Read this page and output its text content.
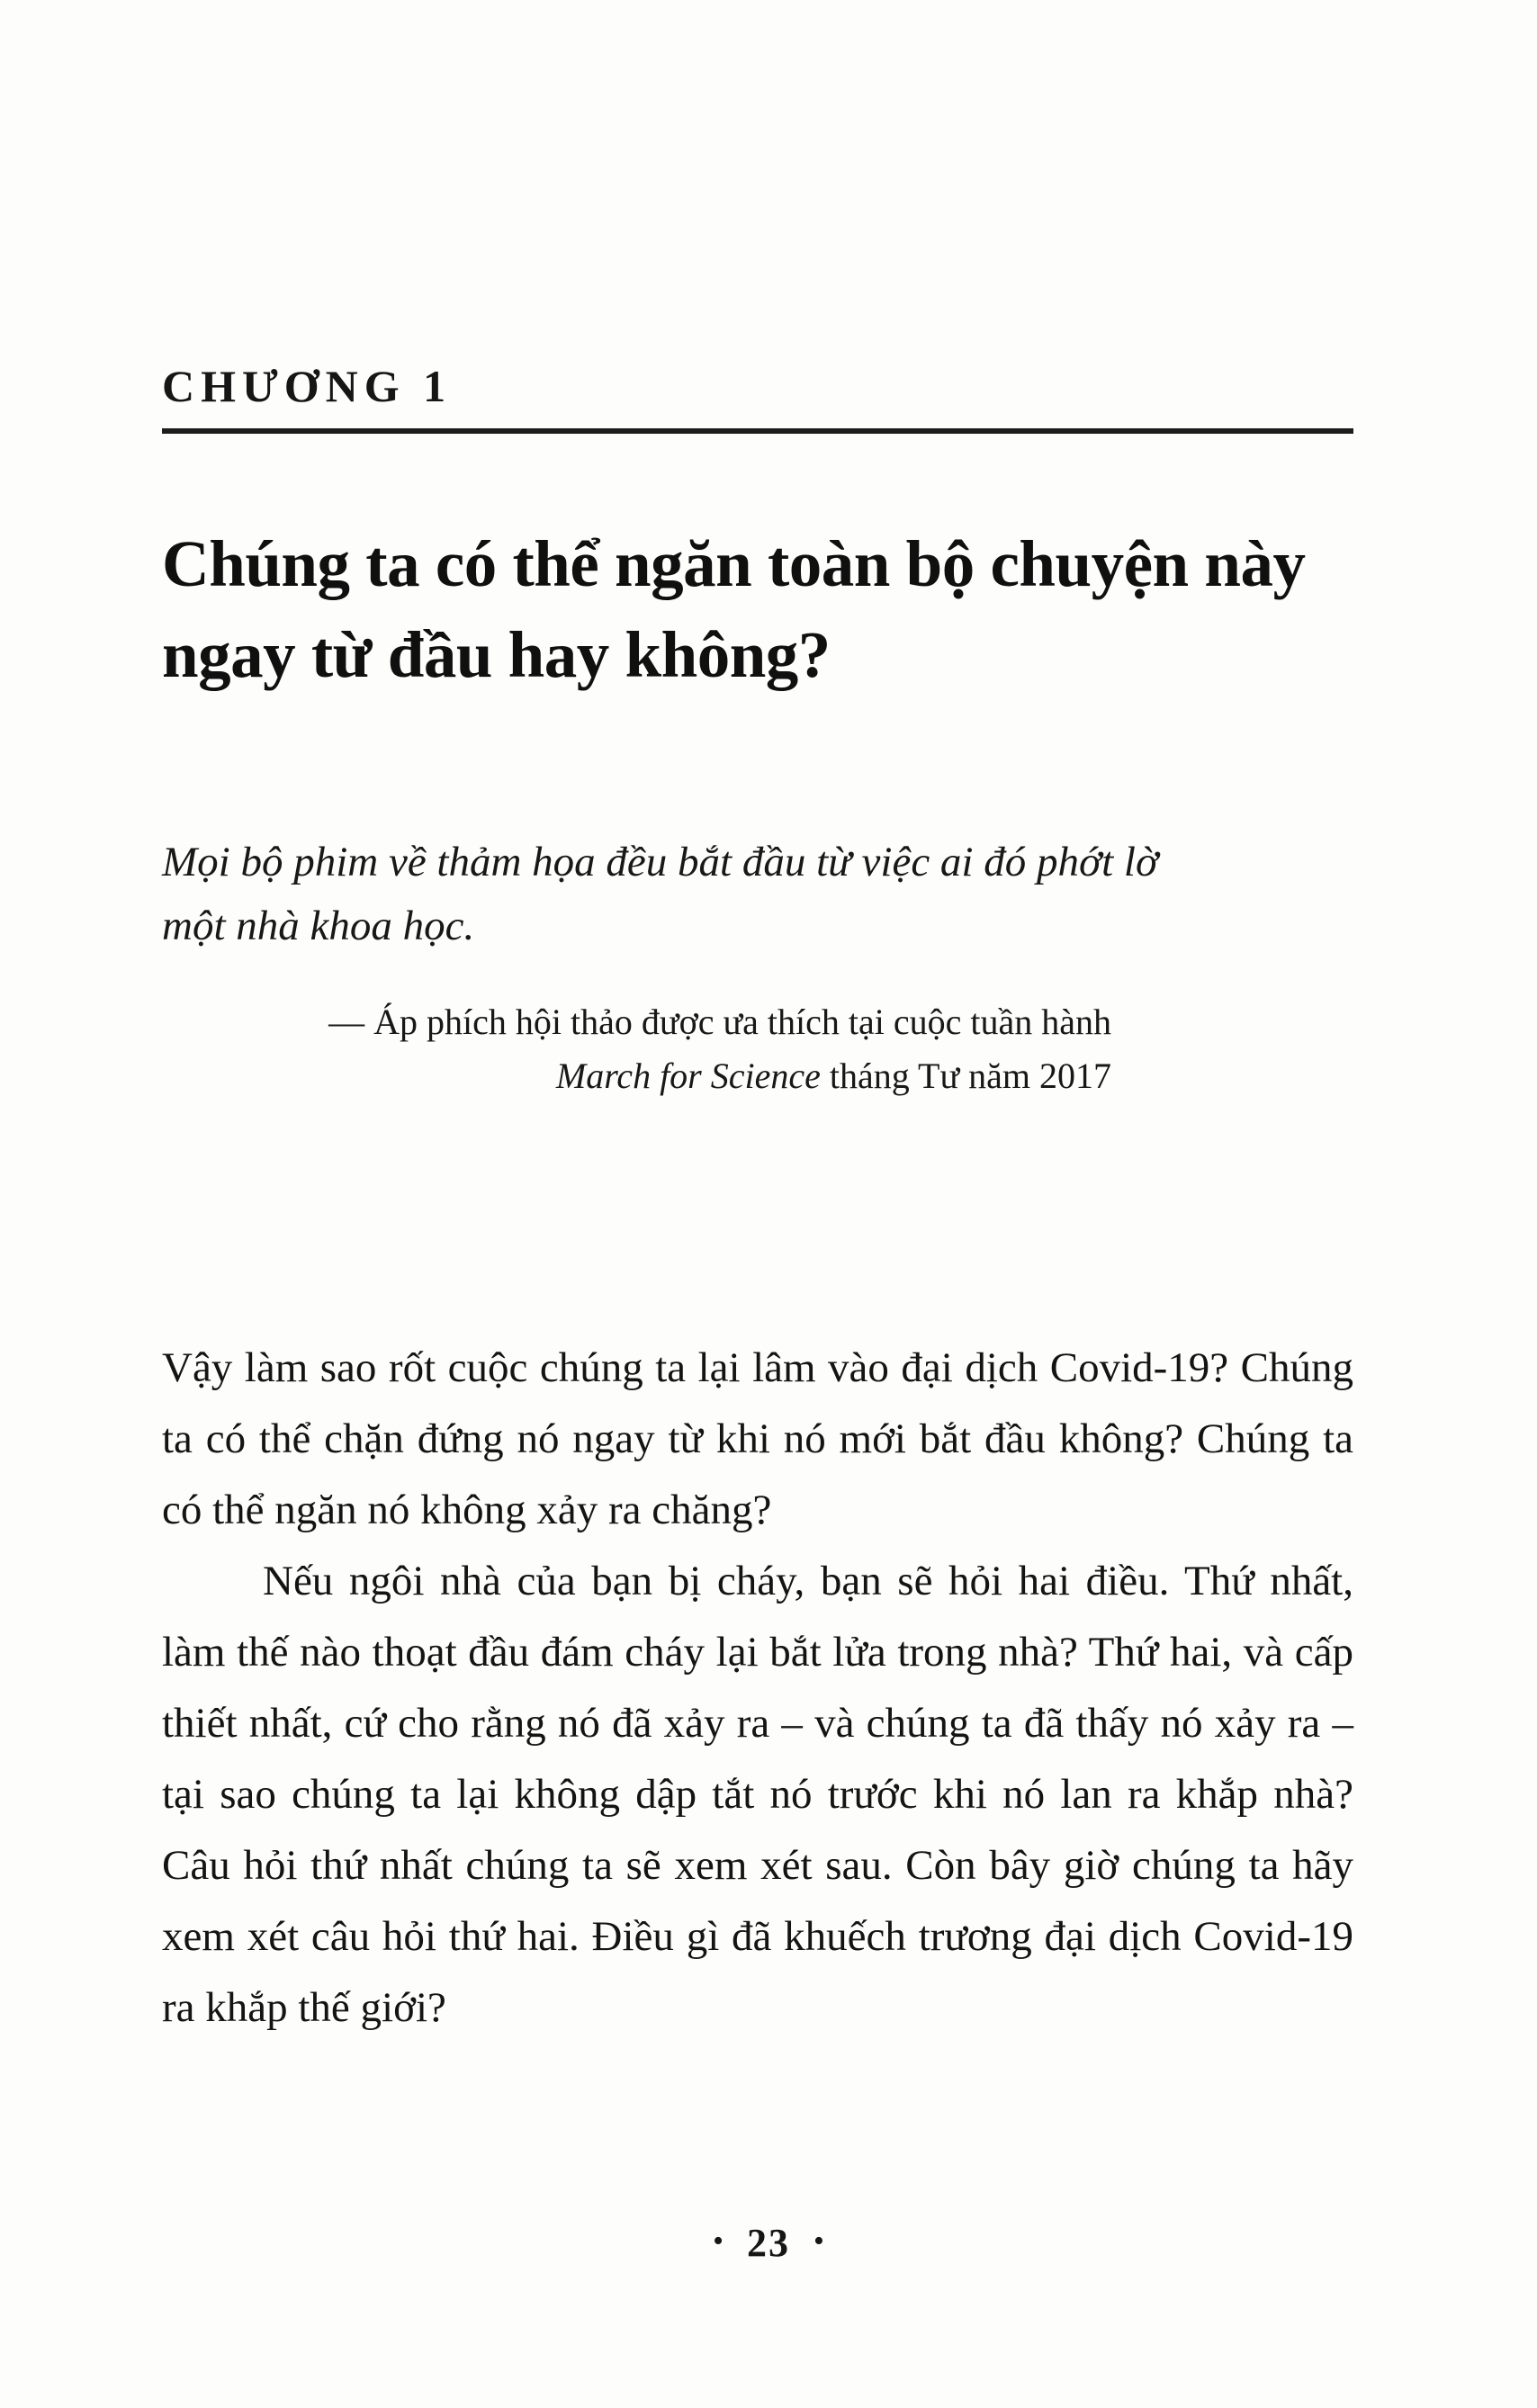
CHƯƠNG 1
Chúng ta có thể ngăn toàn bộ chuyện này ngay từ đầu hay không?
Mọi bộ phim về thảm họa đều bắt đầu từ việc ai đó phớt lờ một nhà khoa học.
— Áp phích hội thảo được ưa thích tại cuộc tuần hành
March for Science tháng Tư năm 2017

Vậy làm sao rốt cuộc chúng ta lại lâm vào đại dịch Covid-19? Chúng ta có thể chặn đứng nó ngay từ khi nó mới bắt đầu không? Chúng ta có thể ngăn nó không xảy ra chăng?

Nếu ngôi nhà của bạn bị cháy, bạn sẽ hỏi hai điều. Thứ nhất, làm thế nào thoạt đầu đám cháy lại bắt lửa trong nhà? Thứ hai, và cấp thiết nhất, cứ cho rằng nó đã xảy ra – và chúng ta đã thấy nó xảy ra – tại sao chúng ta lại không dập tắt nó trước khi nó lan ra khắp nhà? Câu hỏi thứ nhất chúng ta sẽ xem xét sau. Còn bây giờ chúng ta hãy xem xét câu hỏi thứ hai. Điều gì đã khuếch trương đại dịch Covid-19 ra khắp thế giới?

• 23 •
